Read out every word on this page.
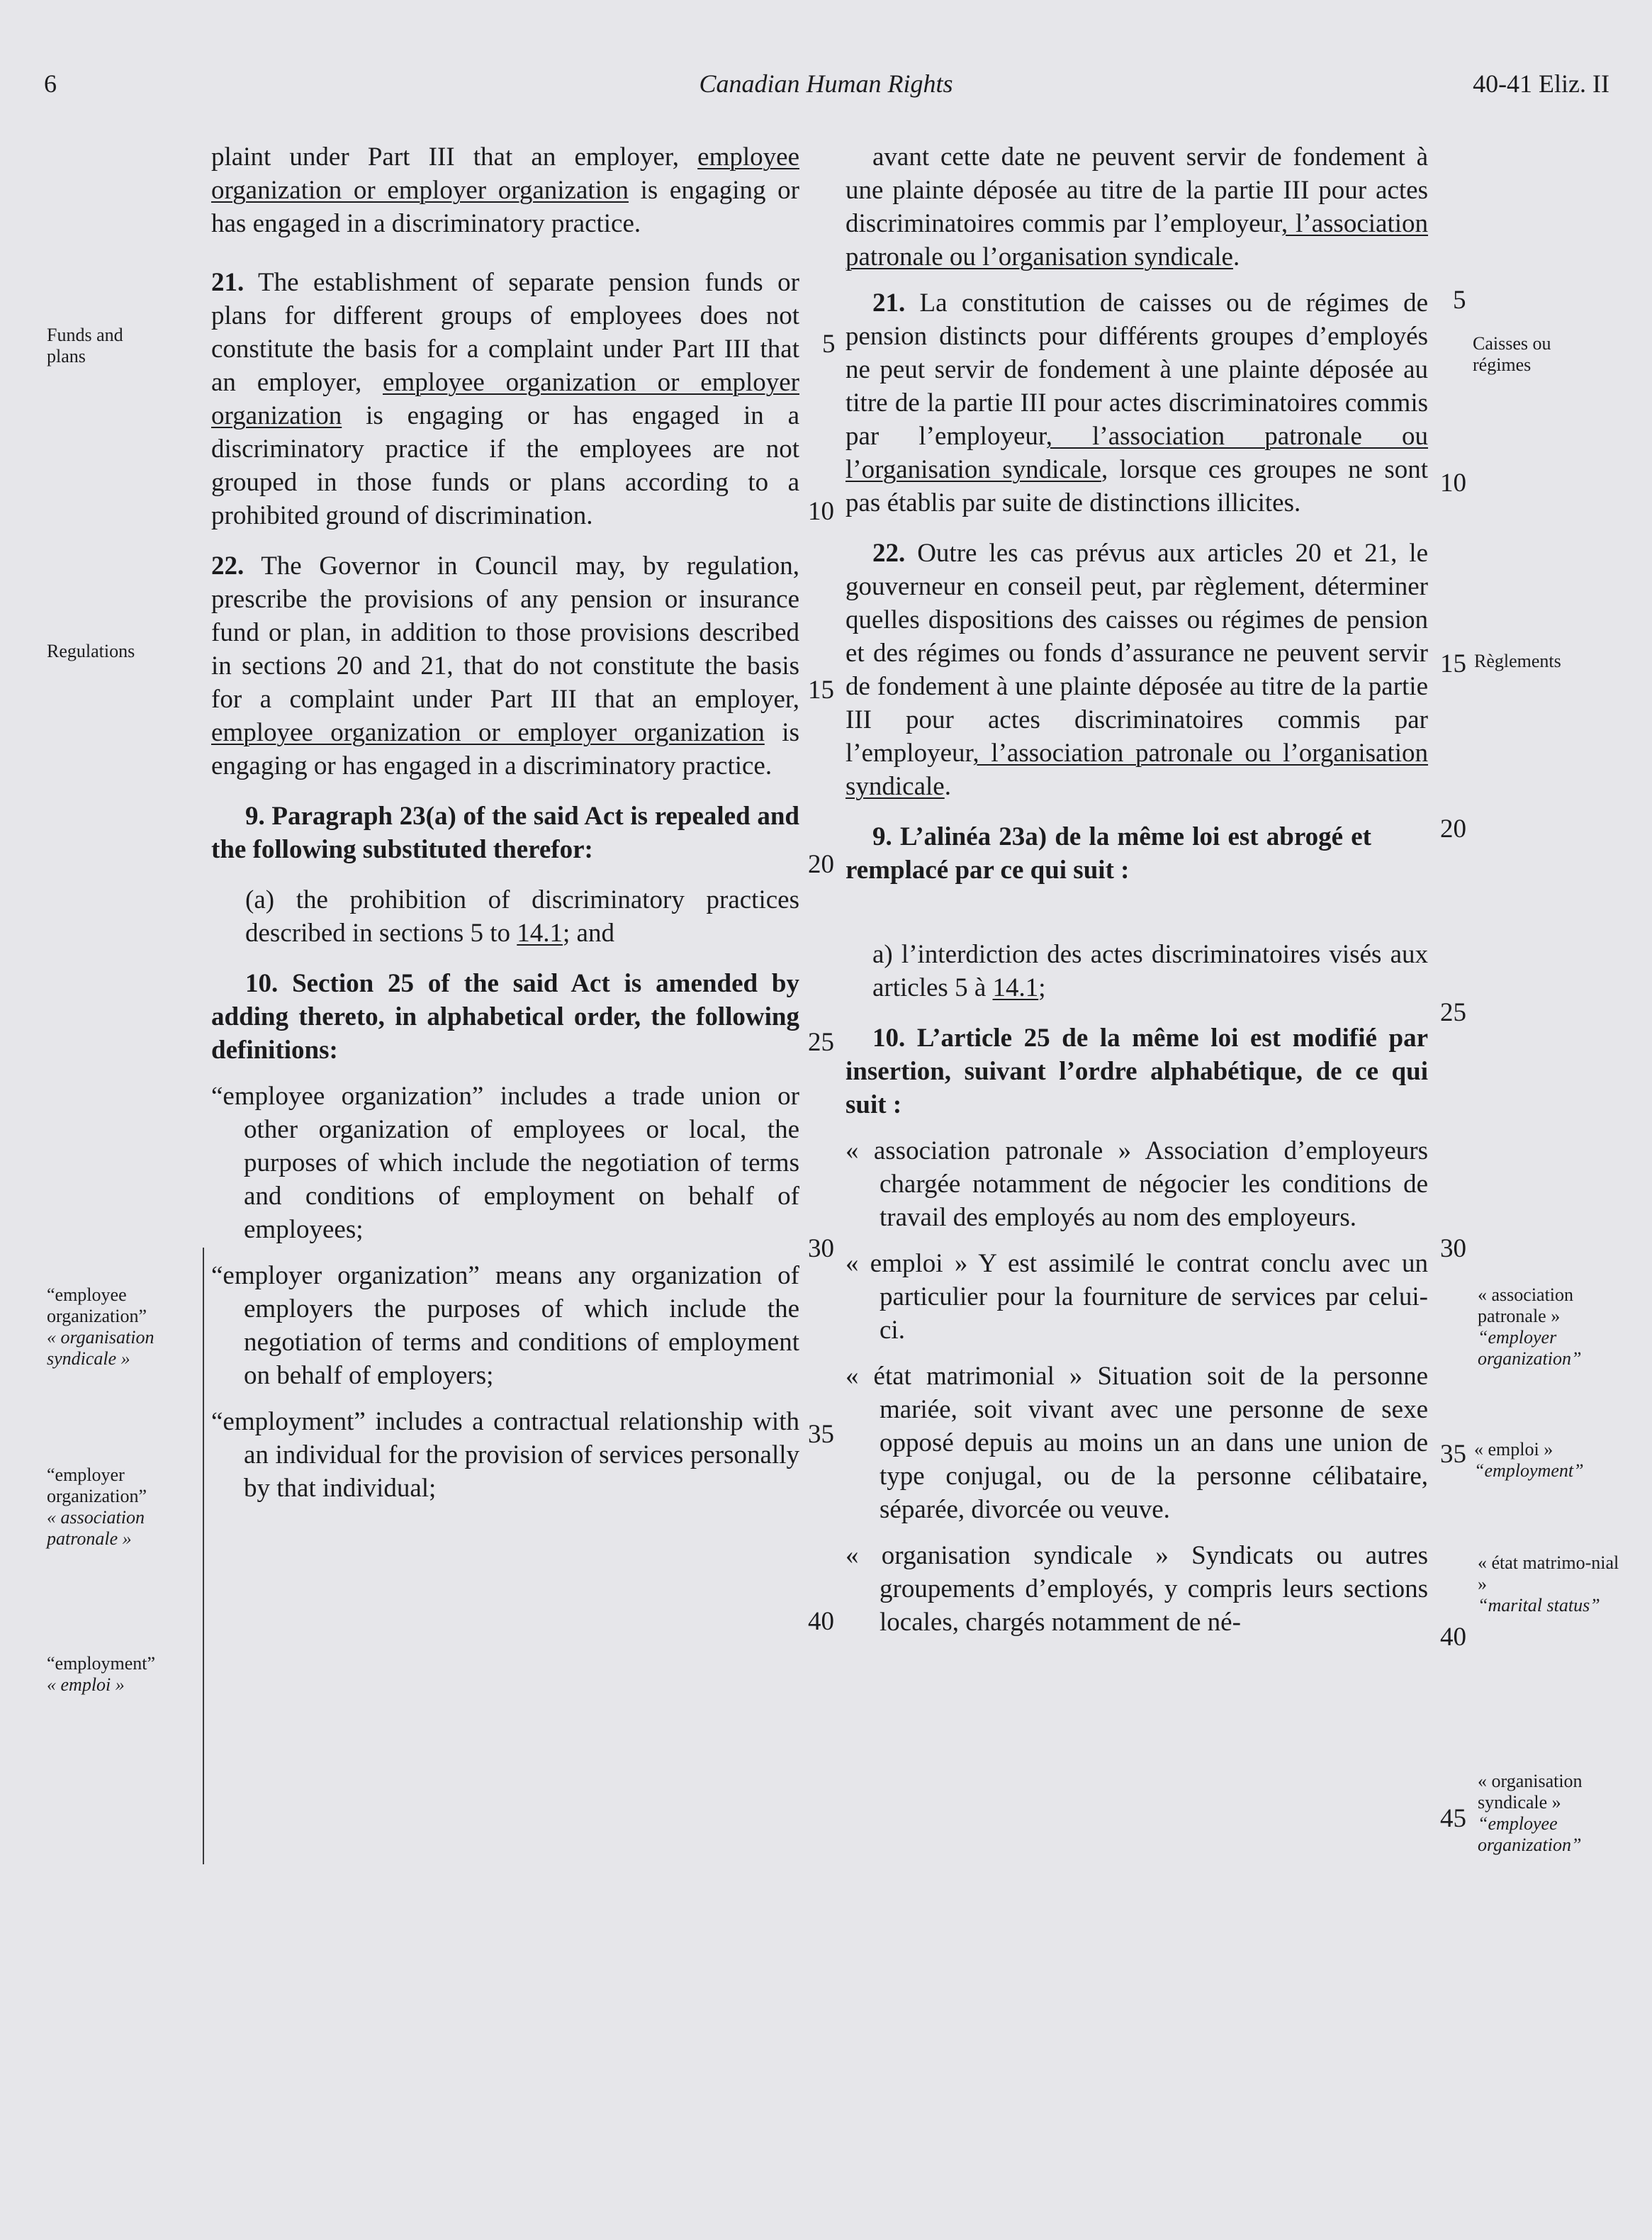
6	Canadian Human Rights	40-41 Eliz. II
Funds and plans
Regulations
“employee organization”
« organisation syndicale »
“employer organization”
« association patronale »
“employment”
« emploi »

plaint under Part III that an employer, employee organization or employer organization is engaging or has engaged in a discriminatory practice.

21. The establishment of separate pension funds or plans for different groups of employees does not constitute the basis for a complaint under Part III that an employer, employee organization or employer organization is engaging or has engaged in a discriminatory practice if the employees are not grouped in those funds or plans according to a prohibited ground of discrimination.

22. The Governor in Council may, by regulation, prescribe the provisions of any pension or insurance fund or plan, in addition to those provisions described in sections 20 and 21, that do not constitute the basis for a complaint under Part III that an employer, employee organization or employer organization is engaging or has engaged in a discriminatory practice.

9. Paragraph 23(a) of the said Act is repealed and the following substituted therefor:

(a) the prohibition of discriminatory practices described in sections 5 to 14.1; and

10. Section 25 of the said Act is amended by adding thereto, in alphabetical order, the following definitions:

“employee organization” includes a trade union or other organization of employees or local, the purposes of which include the negotiation of terms and conditions of employment on behalf of employees;

“employer organization” means any organization of employers the purposes of which include the negotiation of terms and conditions of employment on behalf of employers;

“employment” includes a contractual relationship with an individual for the provision of services personally by that individual;

5
10
15
20
25
30
35
40

avant cette date ne peuvent servir de fondement à une plainte déposée au titre de la partie III pour actes discriminatoires commis par l’employeur, l’association patronale ou l’organisation syndicale.

21. La constitution de caisses ou de régimes de pension distincts pour différents groupes d’employés ne peut servir de fondement à une plainte déposée au titre de la partie III pour actes discriminatoires commis par l’employeur, l’association patronale ou l’organisation syndicale, lorsque ces groupes ne sont pas établis par suite de distinctions illicites.

22. Outre les cas prévus aux articles 20 et 21, le gouverneur en conseil peut, par règlement, déterminer quelles dispositions des caisses ou régimes de pension et des régimes ou fonds d’assurance ne peuvent servir de fondement à une plainte déposée au titre de la partie III pour actes discriminatoires commis par l’employeur, l’association patronale ou l’organisation syndicale.

9. L’alinéa 23a) de la même loi est abrogé et remplacé par ce qui suit :

a) l’interdiction des actes discriminatoires visés aux articles 5 à 14.1;

10. L’article 25 de la même loi est modifié par insertion, suivant l’ordre alphabétique, de ce qui suit :

« association patronale » Association d’employeurs chargée notamment de négocier les conditions de travail des employés au nom des employeurs.

« emploi » Y est assimilé le contrat conclu avec un particulier pour la fourniture de services par celui-ci.

« état matrimonial » Situation soit de la personne mariée, soit vivant avec une personne de sexe opposé depuis au moins un an dans une union de type conjugal, ou de la personne célibataire, séparée, divorcée ou veuve.

« organisation syndicale » Syndicats ou autres groupements d’employés, y compris leurs sections locales, chargés notamment de né-

5
10
15
20
25
30
35
40
45
Caisses ou régimes
Règlements
« association patronale »
“employer organization”
« emploi »
“employment”
« état matrimo-nial »
“marital status”
« organisation syndicale »
“employee organization”
